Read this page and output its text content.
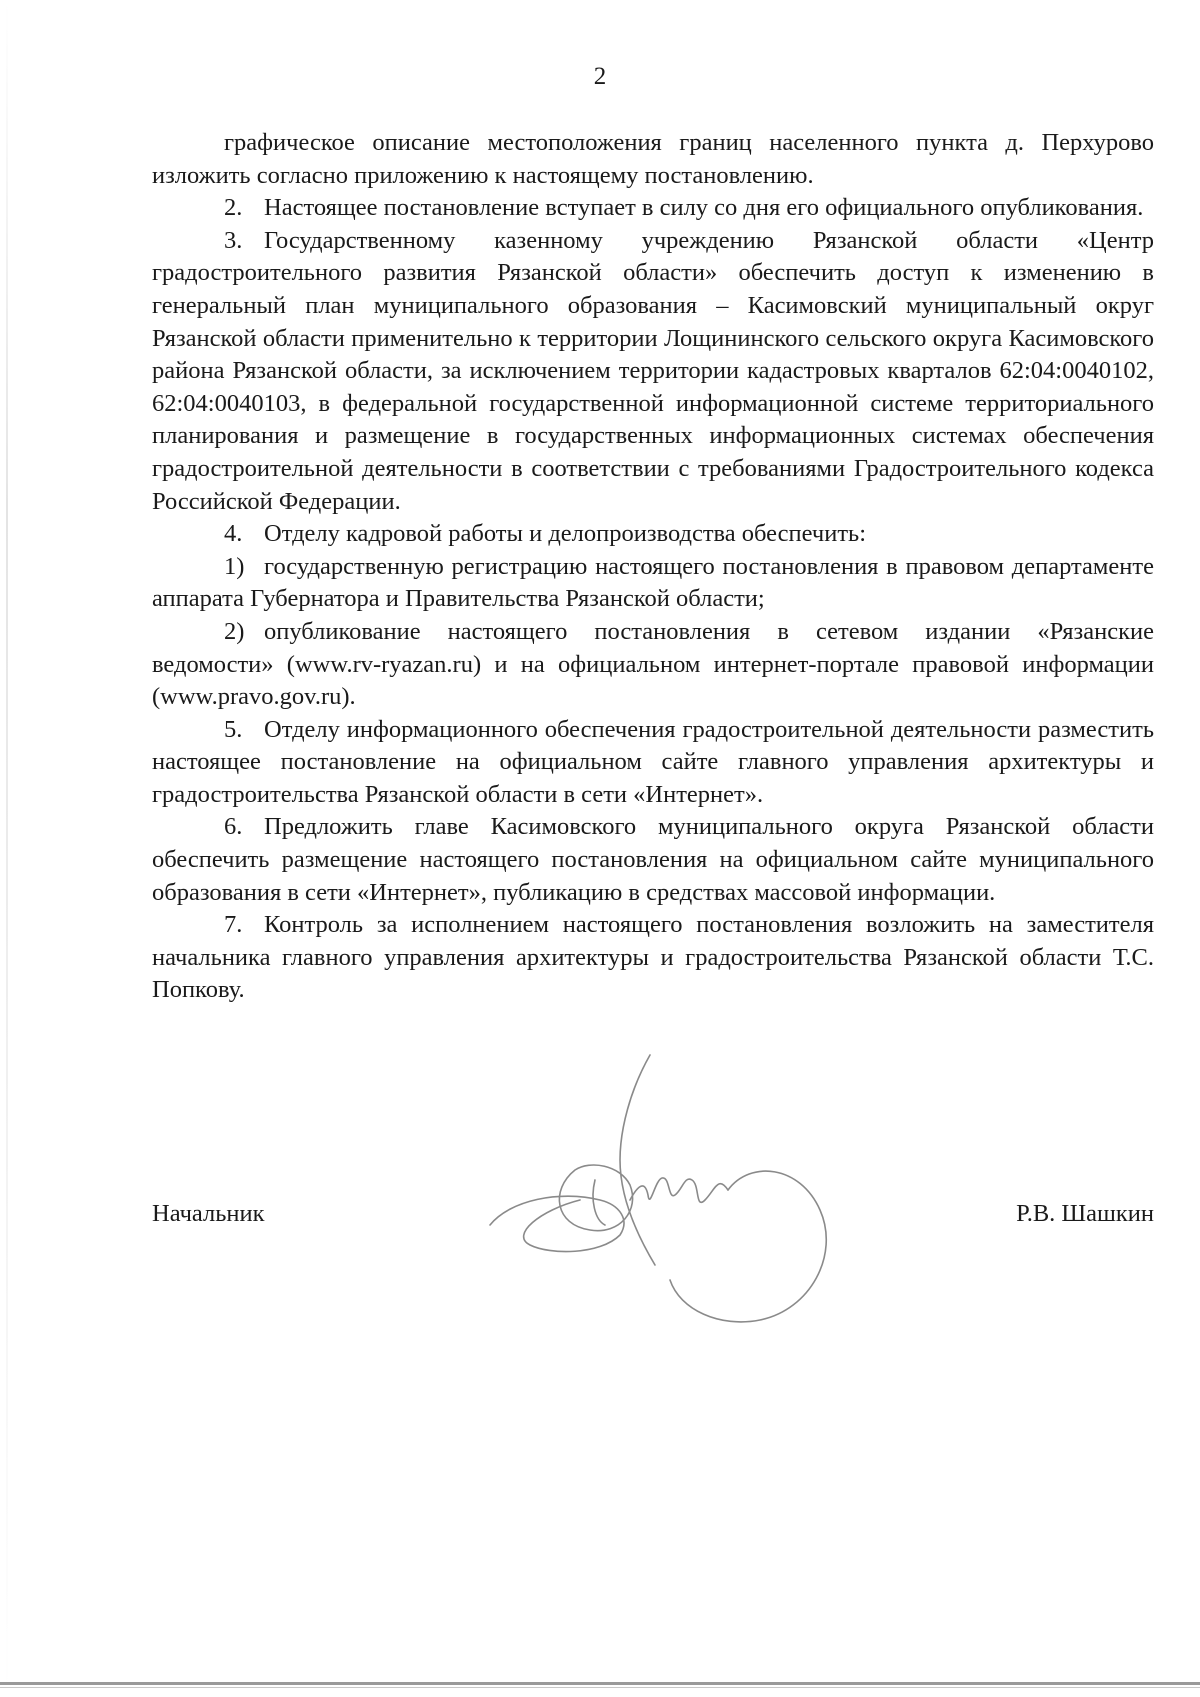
2

графическое описание местоположения границ населенного пункта д. Перхурово изложить согласно приложению к настоящему постановлению.

2. Настоящее постановление вступает в силу со дня его официального опубликования.

3. Государственному казенному учреждению Рязанской области «Центр градостроительного развития Рязанской области» обеспечить доступ к изменению в генеральный план муниципального образования – Касимовский муниципальный округ Рязанской области применительно к территории Лощининского сельского округа Касимовского района Рязанской области, за исключением территории кадастровых кварталов 62:04:0040102, 62:04:0040103, в федеральной государственной информационной системе территориального планирования и размещение в государственных информационных системах обеспечения градостроительной деятельности в соответствии с требованиями Градостроительного кодекса Российской Федерации.

4. Отделу кадровой работы и делопроизводства обеспечить:

1) государственную регистрацию настоящего постановления в правовом департаменте аппарата Губернатора и Правительства Рязанской области;

2) опубликование настоящего постановления в сетевом издании «Рязанские ведомости» (www.rv-ryazan.ru) и на официальном интернет-портале правовой информации (www.pravo.gov.ru).

5. Отделу информационного обеспечения градостроительной деятельности разместить настоящее постановление на официальном сайте главного управления архитектуры и градостроительства Рязанской области в сети «Интернет».

6. Предложить главе Касимовского муниципального округа Рязанской области обеспечить размещение настоящего постановления на официальном сайте муниципального образования в сети «Интернет», публикацию в средствах массовой информации.

7. Контроль за исполнением настоящего постановления возложить на заместителя начальника главного управления архитектуры и градостроительства Рязанской области Т.С. Попкову.

Начальник	Р.В. Шашкин
